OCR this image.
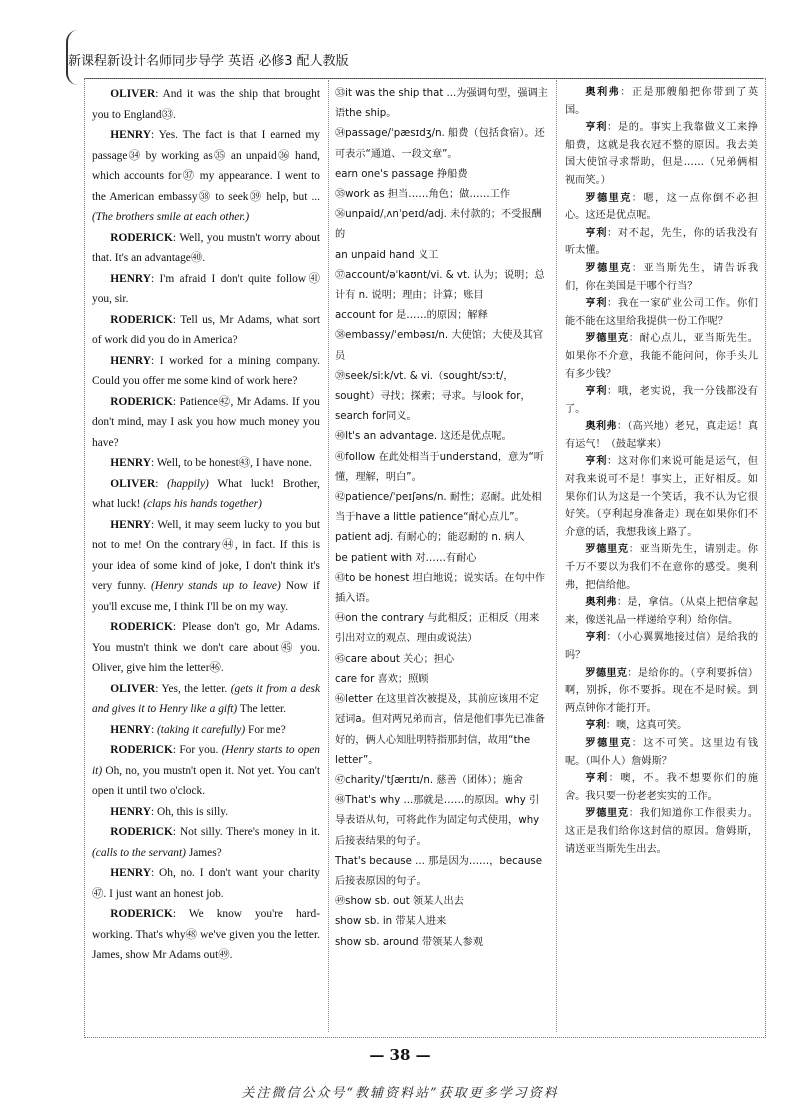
新课程新设计名师同步导学 英语 必修3 配人教版

OLIVER: And it was the ship that brought you to England㉝.

HENRY: Yes. The fact is that I earned my passage㉞ by working as㉟ an unpaid㊱ hand, which accounts for㊲ my appearance. I went to the American embassy㊳ to seek㊴ help, but ... (The brothers smile at each other.)

RODERICK: Well, you mustn't worry about that. It's an advantage㊵.

HENRY: I'm afraid I don't quite follow㊶ you, sir.

RODERICK: Tell us, Mr Adams, what sort of work did you do in America?

HENRY: I worked for a mining company. Could you offer me some kind of work here?

RODERICK: Patience㊷, Mr Adams. If you don't mind, may I ask you how much money you have?

HENRY: Well, to be honest㊸, I have none.

OLIVER: (happily) What luck! Brother, what luck! (claps his hands together)

HENRY: Well, it may seem lucky to you but not to me! On the contrary㊹, in fact. If this is your idea of some kind of joke, I don't think it's very funny. (Henry stands up to leave) Now if you'll excuse me, I think I'll be on my way.

RODERICK: Please don't go, Mr Adams. You mustn't think we don't care about㊺ you. Oliver, give him the letter㊻.

OLIVER: Yes, the letter. (gets it from a desk and gives it to Henry like a gift) The letter.

HENRY: (taking it carefully) For me?

RODERICK: For you. (Henry starts to open it) Oh, no, you mustn't open it. Not yet. You can't open it until two o'clock.

HENRY: Oh, this is silly.

RODERICK: Not silly. There's money in it. (calls to the servant) James?

HENRY: Oh, no. I don't want your charity㊼. I just want an honest job.

RODERICK: We know you're hard-working. That's why㊽ we've given you the letter. James, show Mr Adams out㊾.

㉝it was the ship that ...为强调句型，强调主语the ship。

㉞passage/ˈpæsɪdʒ/n. 船费（包括食宿）。还可表示“通道、一段文章”。

earn one's passage 挣船费

㉟work as 担当……角色；做……工作

㊱unpaid/ˌʌnˈpeɪd/adj. 未付款的；不受报酬的

an unpaid hand 义工

㊲account/əˈkaʊnt/vi. & vt. 认为；说明；总计有 n. 说明；理由；计算；账目

account for 是……的原因；解释

㊳embassy/ˈembəsɪ/n. 大使馆；大使及其官员

㊴seek/siːk/vt. & vi.（sought/sɔːt/，sought）寻找；探索；寻求。与look for，search for同义。

㊵It's an advantage. 这还是优点呢。

㊶follow 在此处相当于understand，意为“听懂，理解，明白”。

㊷patience/ˈpeɪʃəns/n. 耐性；忍耐。此处相当于have a little patience“耐心点儿”。

patient adj. 有耐心的；能忍耐的 n. 病人

be patient with 对……有耐心

㊸to be honest 坦白地说；说实话。在句中作插入语。

㊹on the contrary 与此相反；正相反（用来引出对立的观点、理由或说法）

㊺care about 关心；担心

care for 喜欢；照顾

㊻letter 在这里首次被提及，其前应该用不定冠词a。但对两兄弟而言，信是他们事先已准备好的，俩人心知肚明特指那封信，故用“the letter”。

㊼charity/ˈtʃærɪtɪ/n. 慈善（团体）；施舍

㊽That's why ...那就是……的原因。why 引导表语从句，可将此作为固定句式使用，why后接表结果的句子。

That's because ... 那是因为……，because后接表原因的句子。

㊾show sb. out 领某人出去

show sb. in 带某人进来

show sb. around 带领某人参观

奥利弗：正是那艘船把你带到了英国。

亨利：是的。事实上我靠做义工来挣船费，这就是我衣冠不整的原因。我去美国大使馆寻求帮助，但是……（兄弟俩相视而笑。）

罗德里克：嗯，这一点你倒不必担心。这还是优点呢。

亨利：对不起，先生，你的话我没有听太懂。

罗德里克：亚当斯先生，请告诉我们，你在美国是干哪个行当？

亨利：我在一家矿业公司工作。你们能不能在这里给我提供一份工作呢？

罗德里克：耐心点儿，亚当斯先生。如果你不介意，我能不能问问，你手头儿有多少钱？

亨利：哦，老实说，我一分钱都没有了。

奥利弗：（高兴地）老兄，真走运！真有运气！（鼓起掌来）

亨利：这对你们来说可能是运气，但对我来说可不是！事实上，正好相反。如果你们认为这是一个笑话，我不认为它很好笑。（亨利起身准备走）现在如果你们不介意的话，我想我该上路了。

罗德里克：亚当斯先生，请别走。你千万不要以为我们不在意你的感受。奥利弗，把信给他。

奥利弗：是，拿信。（从桌上把信拿起来，像送礼品一样递给亨利）给你信。

亨利：（小心翼翼地接过信）是给我的吗？

罗德里克：是给你的。（亨利要拆信）啊，别拆，你不要拆。现在不是时候。到两点钟你才能打开。

亨利：噢，这真可笑。

罗德里克：这不可笑。这里边有钱呢。（叫仆人）詹姆斯？

亨利：噢，不。我不想要你们的施舍。我只要一份老老实实的工作。

罗德里克：我们知道你工作很卖力。这正是我们给你这封信的原因。詹姆斯，请送亚当斯先生出去。

— 38 —
关注微信公众号“教辅资料站”获取更多学习资料
